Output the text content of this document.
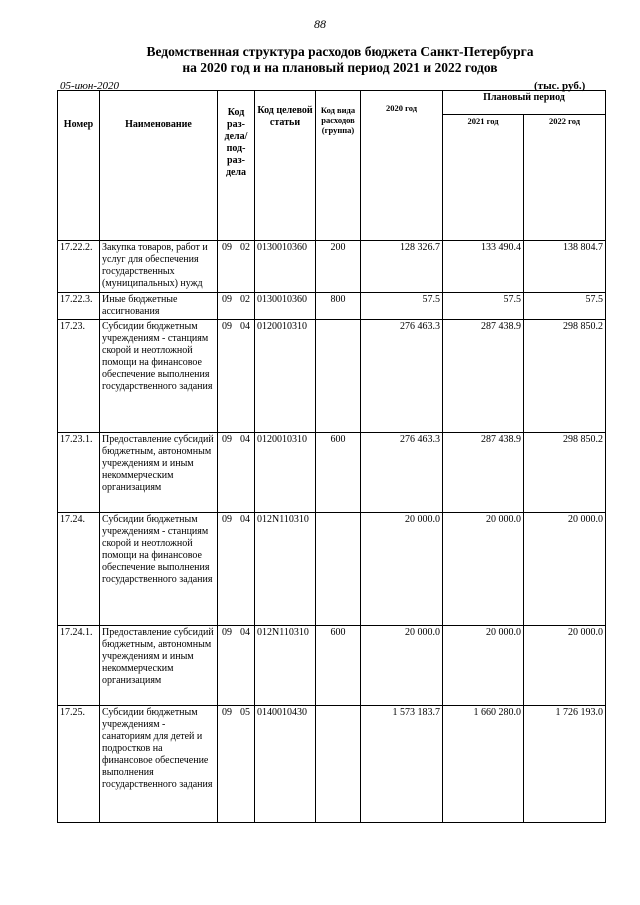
88
Ведомственная структура расходов бюджета Санкт-Петербурга
на 2020 год и на плановый период 2021 и 2022 годов
05-июн-2020	(тыс. руб.)
Номер	Наименование	Код раз- дела/ под- раз- дела	Код целевой статьи	Код вида расходов (группа)	2020 год	Плановый период	
						2021 год	2022 год
17.22.2.	Закупка товаров, работ и услуг для обеспечения государственных (муниципальных) нужд	09 02	0130010360	200	128 326.7	133 490.4	138 804.7
17.22.3.	Иные бюджетные ассигнования	09 02	0130010360	800	57.5	57.5	57.5
17.23.	Субсидии бюджетным учреждениям - станциям скорой и неотложной помощи на финансовое обеспечение выполнения государственного задания	09 04	0120010310		276 463.3	287 438.9	298 850.2
17.23.1.	Предоставление субсидий бюджетным, автономным учреждениям и иным некоммерческим организациям	09 04	0120010310	600	276 463.3	287 438.9	298 850.2
17.24.	Субсидии бюджетным учреждениям - станциям скорой и неотложной помощи на финансовое обеспечение выполнения государственного задания	09 04	012N110310		20 000.0	20 000.0	20 000.0
17.24.1.	Предоставление субсидий бюджетным, автономным учреждениям и иным некоммерческим организациям	09 04	012N110310	600	20 000.0	20 000.0	20 000.0
17.25.	Субсидии бюджетным учреждениям - санаториям для детей и подростков на финансовое обеспечение выполнения государственного задания	09 05	0140010430		1 573 183.7	1 660 280.0	1 726 193.0
